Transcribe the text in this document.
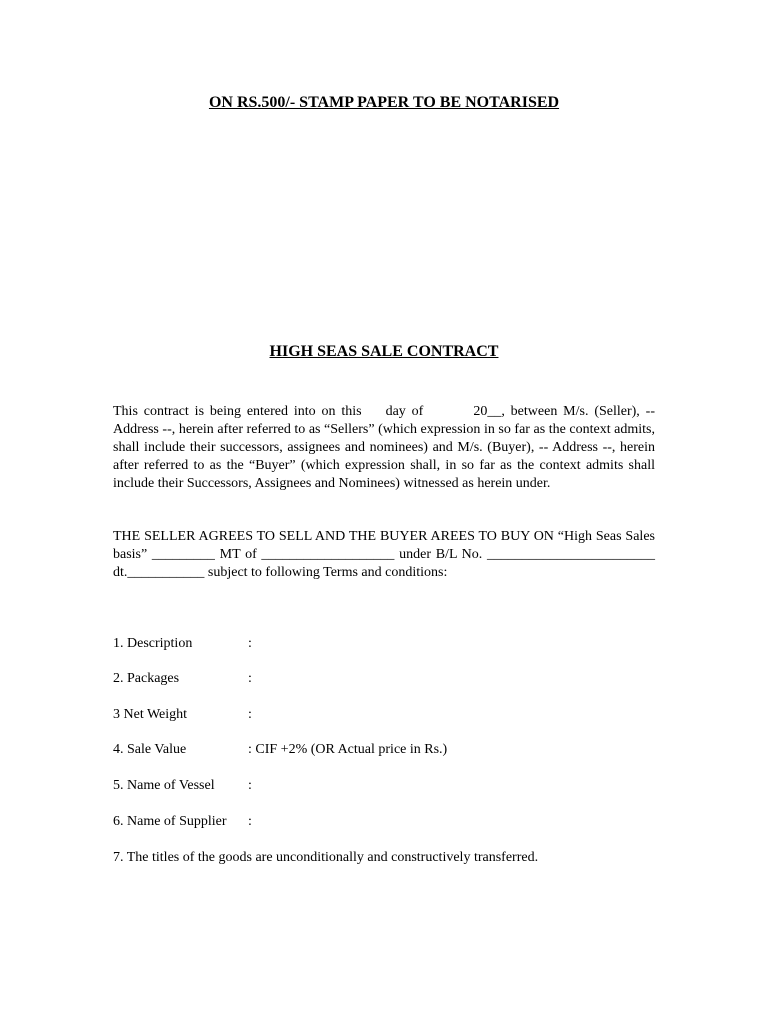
ON RS.500/- STAMP PAPER TO BE NOTARISED
HIGH SEAS SALE CONTRACT

This contract is being entered into on this day of	20__, between M/s. (Seller), -- Address --, herein after referred to as “Sellers” (which expression in so far as the context admits, shall include their successors, assignees and nominees) and M/s. (Buyer), -- Address --, herein after referred to as the “Buyer” (which expression shall, in so far as the context admits shall include their Successors, Assignees and Nominees) witnessed as herein under.

THE SELLER AGREES TO SELL AND THE BUYER AREES TO BUY ON “High Seas Sales basis” _________ MT of ___________________ under B/L No. ________________________ dt.___________ subject to following Terms and conditions:

1. Description	:
2. Packages	:
3 Net Weight	:
4. Sale Value	: CIF +2% (OR Actual price in Rs.)
5. Name of Vessel :
6. Name of Supplier :
7. The titles of the goods are unconditionally and constructively transferred.
